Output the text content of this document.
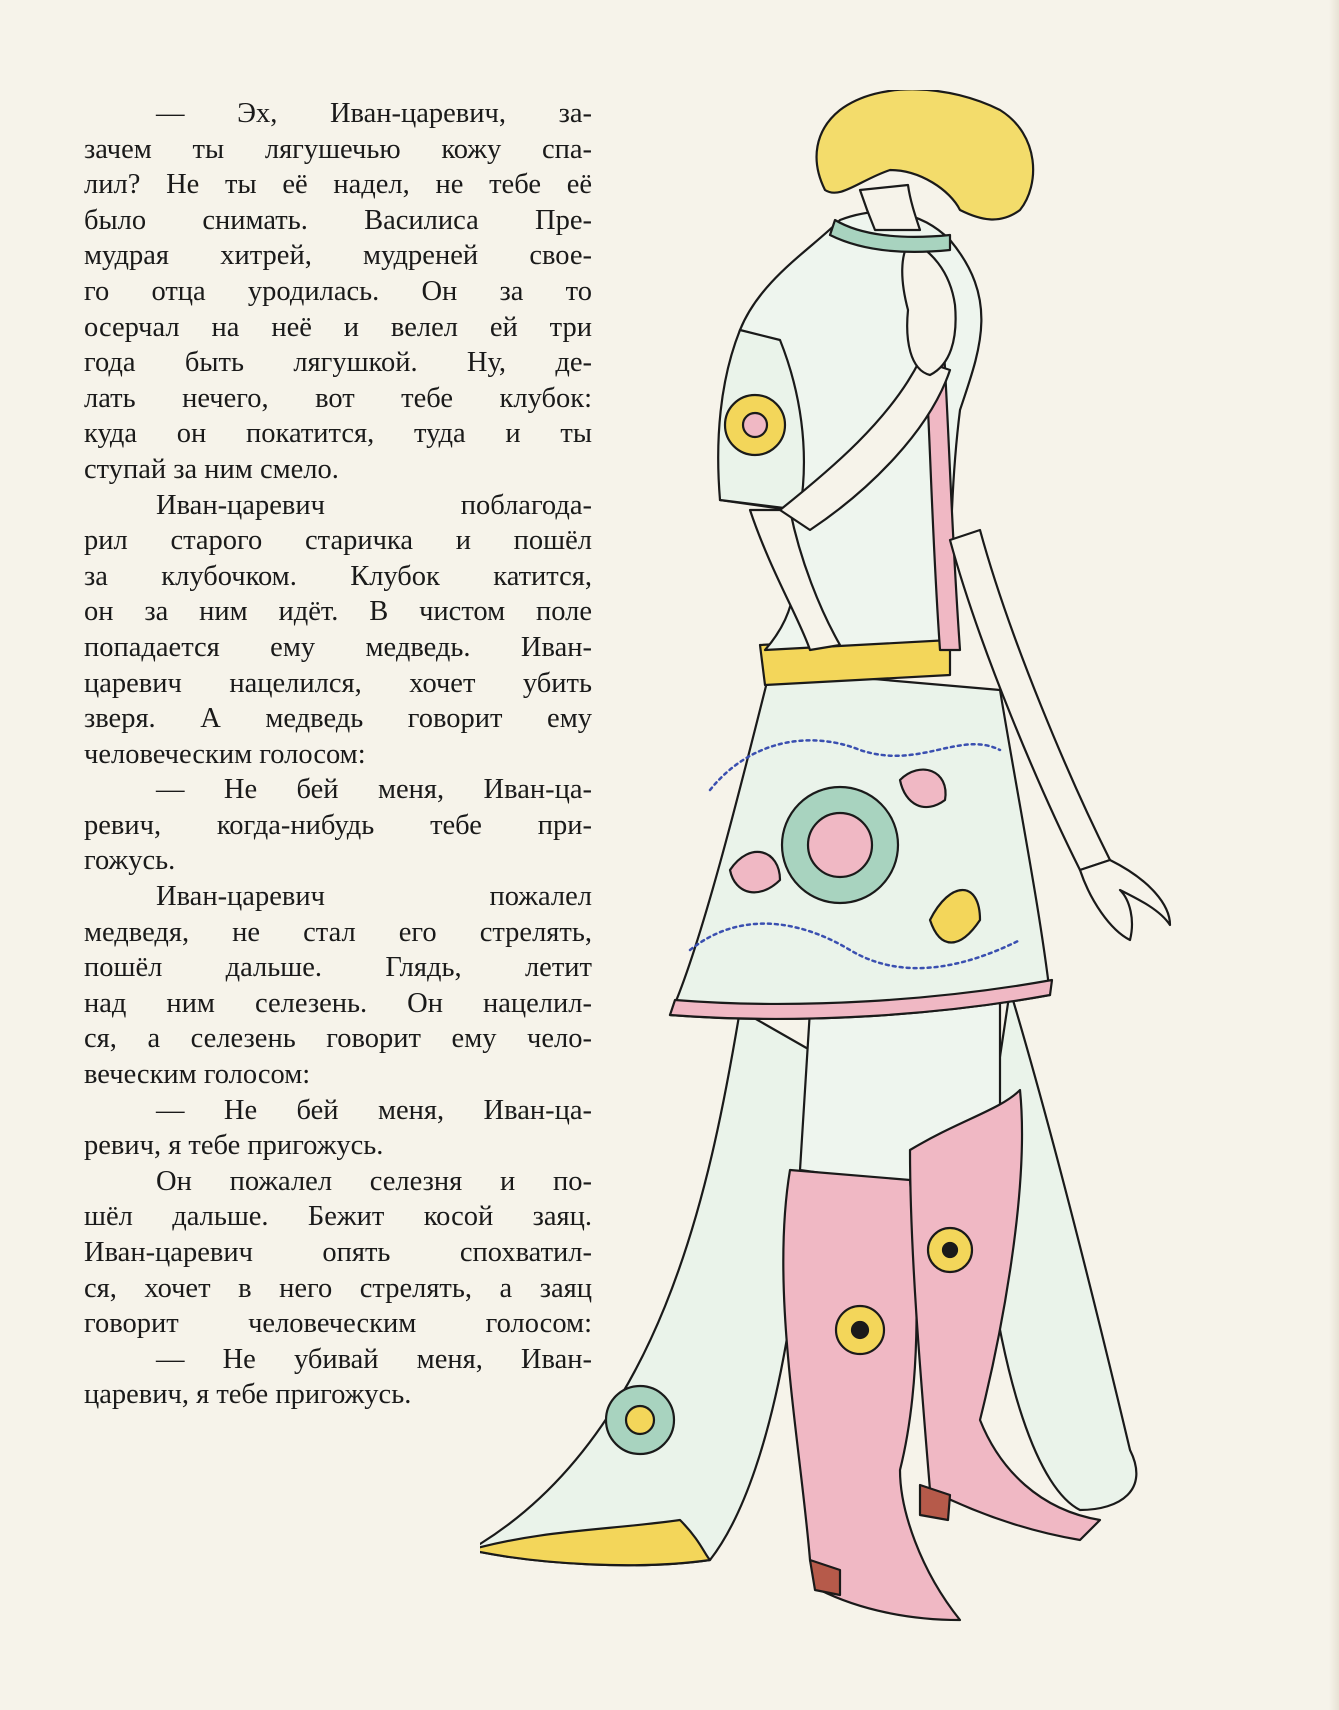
— Эх, Иван-царевич, за-
зачем ты лягушечью кожу спа-
лил? Не ты её надел, не тебе её
было снимать. Василиса Пре-
мудрая хитрей, мудреней свое-
го отца уродилась. Он за то
осерчал на неё и велел ей три
года быть лягушкой. Ну, де-
лать нечего, вот тебе клубок:
куда он покатится, туда и ты
ступай за ним смело.
Иван-царевич поблагода-
рил старого старичка и пошёл
за клубочком. Клубок катится,
он за ним идёт. В чистом поле
попадается ему медведь. Иван-
царевич нацелился, хочет убить
зверя. А медведь говорит ему
человеческим голосом:
— Не бей меня, Иван-ца-
ревич, когда-нибудь тебе при-
гожусь.
Иван-царевич пожалел
медведя, не стал его стрелять,
пошёл дальше. Глядь, летит
над ним селезень. Он нацелил-
ся, а селезень говорит ему чело-
веческим голосом:
— Не бей меня, Иван-ца-
ревич, я тебе пригожусь.
Он пожалел селезня и по-
шёл дальше. Бежит косой заяц.
Иван-царевич опять спохватил-
ся, хочет в него стрелять, а заяц
говорит человеческим голосом:
— Не убивай меня, Иван-
царевич, я тебе пригожусь.
